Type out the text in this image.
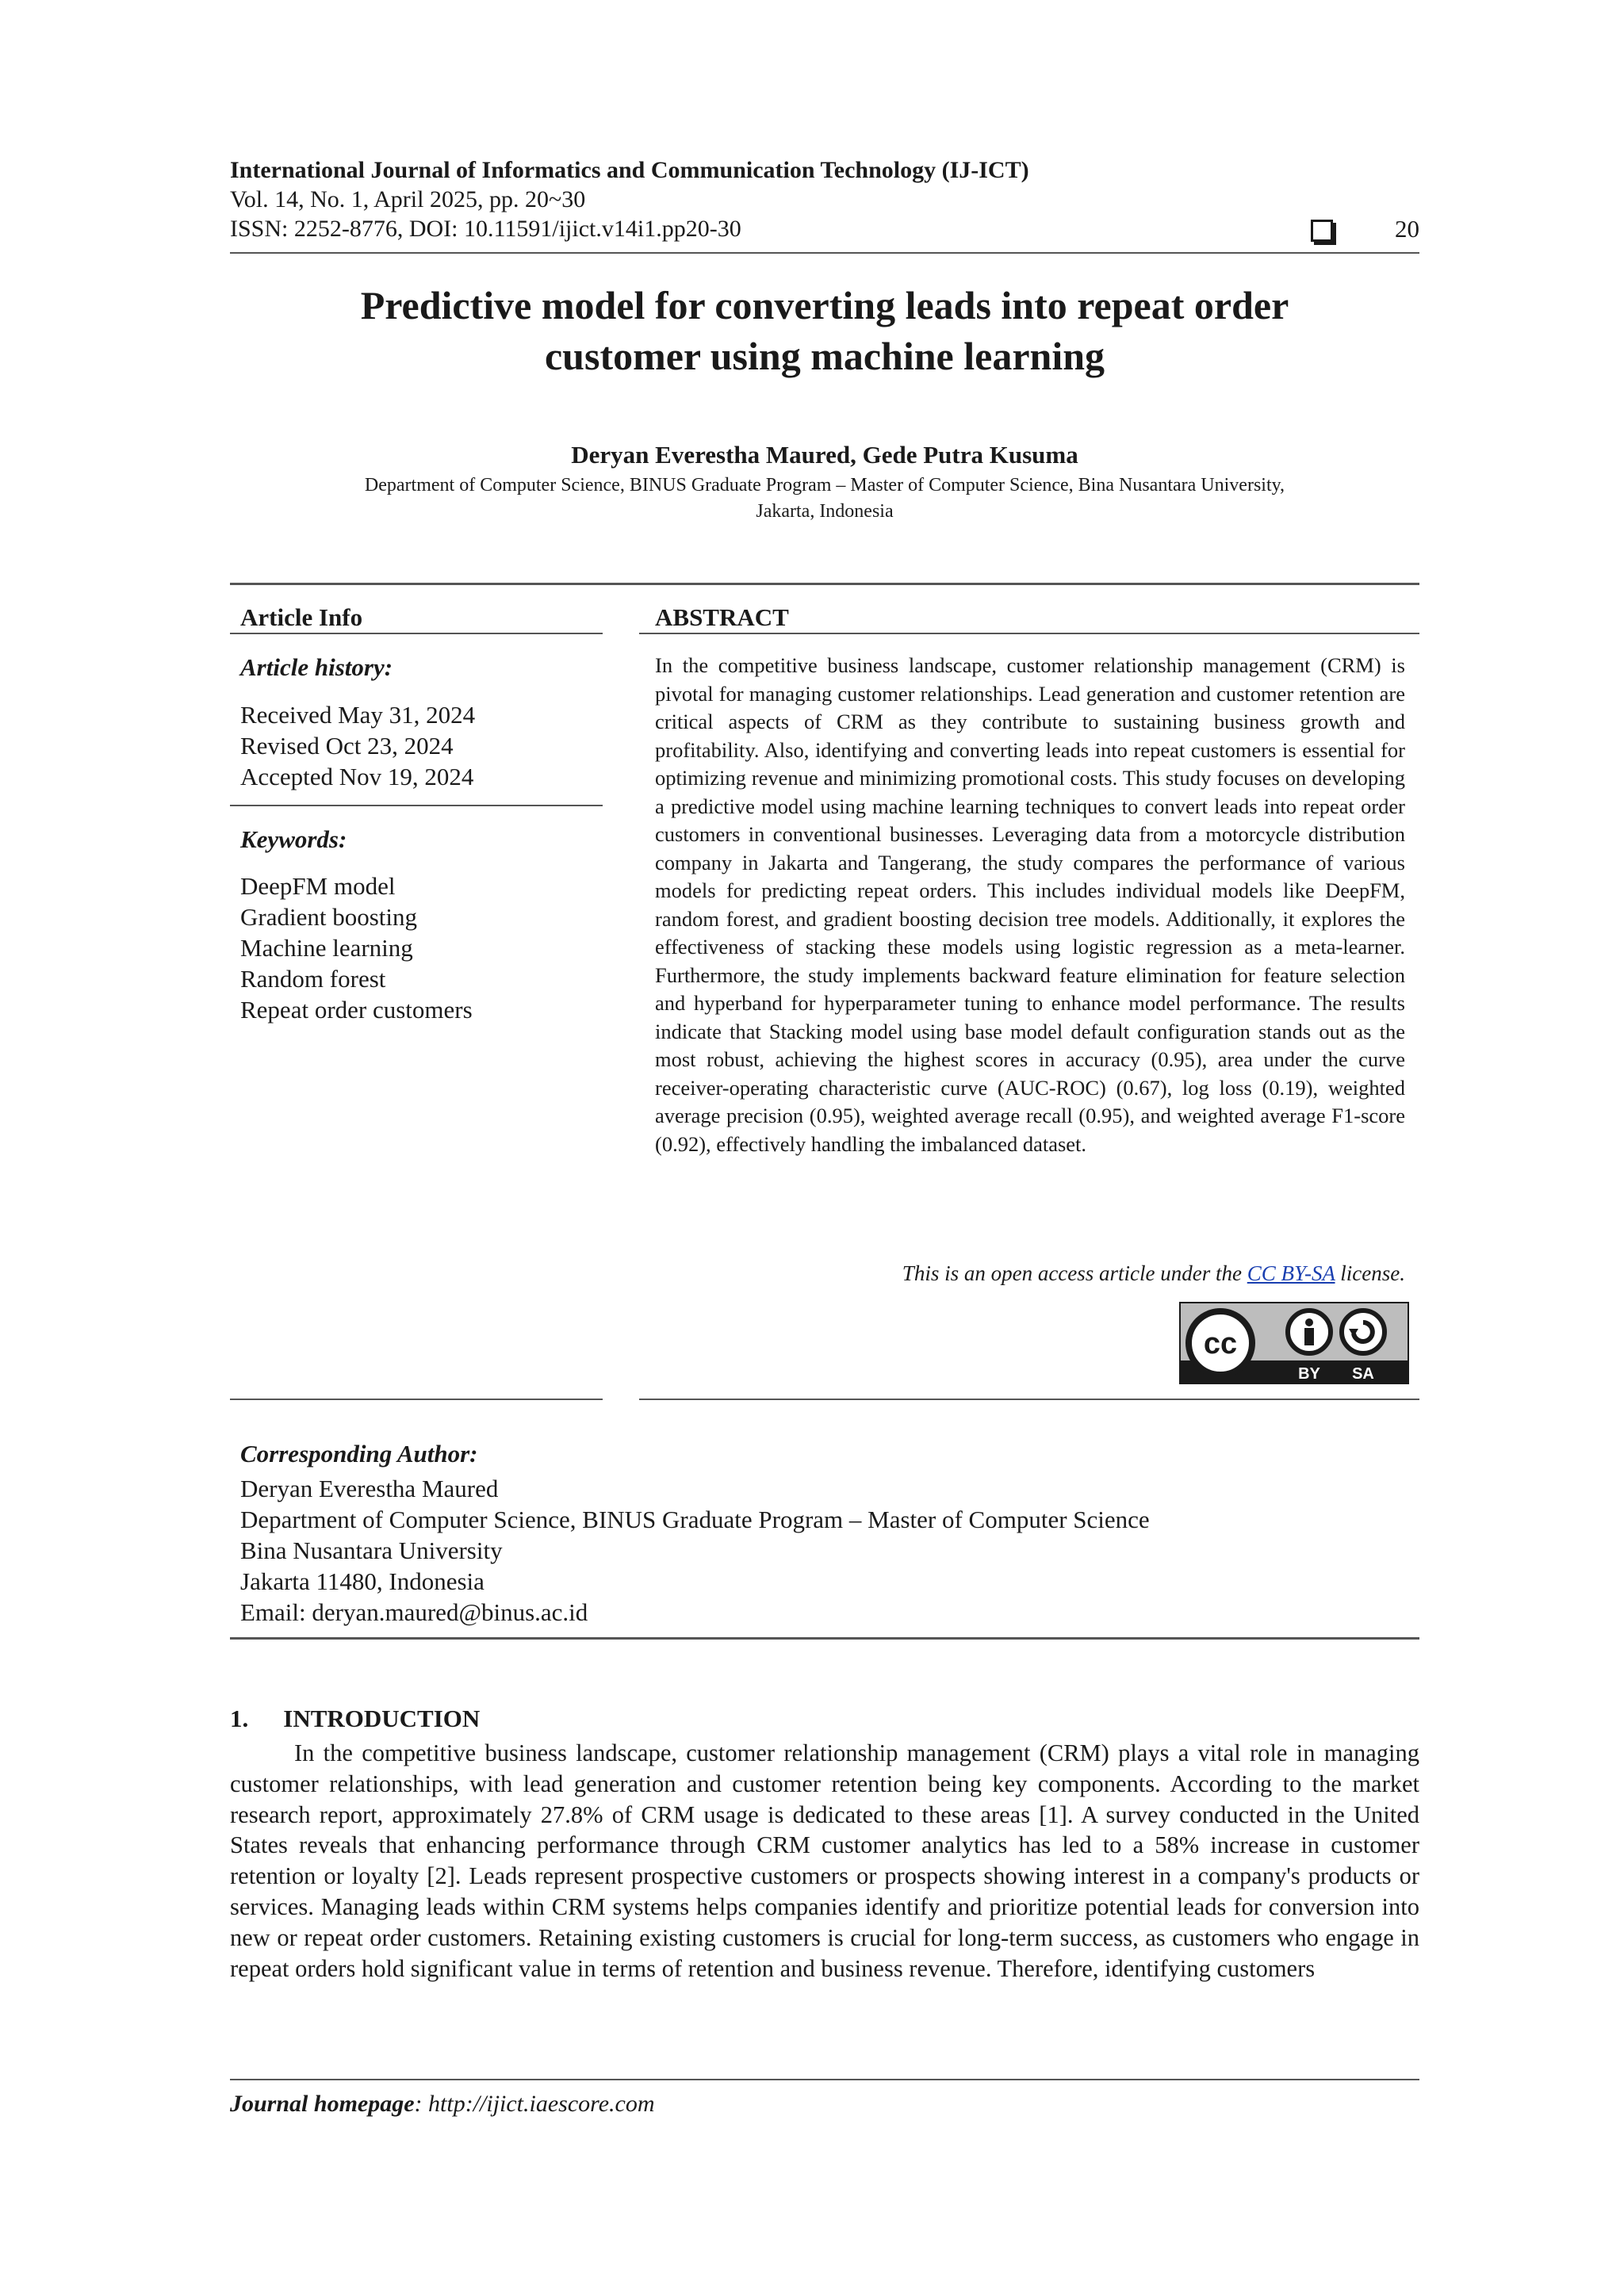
International Journal of Informatics and Communication Technology (IJ-ICT)
Vol. 14, No. 1, April 2025, pp. 20~30
ISSN: 2252-8776, DOI: 10.11591/ijict.v14i1.pp20-30	20
Predictive model for converting leads into repeat order
customer using machine learning
Deryan Everestha Maured, Gede Putra Kusuma
Department of Computer Science, BINUS Graduate Program – Master of Computer Science, Bina Nusantara University,
Jakarta, Indonesia
Article Info
Article history:
Received May 31, 2024
Revised Oct 23, 2024
Accepted Nov 19, 2024
Keywords:
DeepFM model
Gradient boosting
Machine learning
Random forest
Repeat order customers
ABSTRACT

In the competitive business landscape, customer relationship management (CRM) is pivotal for managing customer relationships. Lead generation and customer retention are critical aspects of CRM as they contribute to sustaining business growth and profitability. Also, identifying and converting leads into repeat customers is essential for optimizing revenue and minimizing promotional costs. This study focuses on developing a predictive model using machine learning techniques to convert leads into repeat order customers in conventional businesses. Leveraging data from a motorcycle distribution company in Jakarta and Tangerang, the study compares the performance of various models for predicting repeat orders. This includes individual models like DeepFM, random forest, and gradient boosting decision tree models. Additionally, it explores the effectiveness of stacking these models using logistic regression as a meta-learner. Furthermore, the study implements backward feature elimination for feature selection and hyperband for hyperparameter tuning to enhance model performance. The results indicate that Stacking model using base model default configuration stands out as the most robust, achieving the highest scores in accuracy (0.95), area under the curve receiver-operating characteristic curve (AUC-ROC) (0.67), log loss (0.19), weighted average precision (0.95), weighted average recall (0.95), and weighted average F1-score (0.92), effectively handling the imbalanced dataset.

This is an open access article under the CC BY-SA license.
cc
BY SA
Corresponding Author:
Deryan Everestha Maured
Department of Computer Science, BINUS Graduate Program – Master of Computer Science
Bina Nusantara University
Jakarta 11480, Indonesia
Email: deryan.maured@binus.ac.id
1. INTRODUCTION

In the competitive business landscape, customer relationship management (CRM) plays a vital role in managing customer relationships, with lead generation and customer retention being key components. According to the market research report, approximately 27.8% of CRM usage is dedicated to these areas [1]. A survey conducted in the United States reveals that enhancing performance through CRM customer analytics has led to a 58% increase in customer retention or loyalty [2]. Leads represent prospective customers or prospects showing interest in a company's products or services. Managing leads within CRM systems helps companies identify and prioritize potential leads for conversion into new or repeat order customers. Retaining existing customers is crucial for long-term success, as customers who engage in repeat orders hold significant value in terms of retention and business revenue. Therefore, identifying customers

Journal homepage: http://ijict.iaescore.com
